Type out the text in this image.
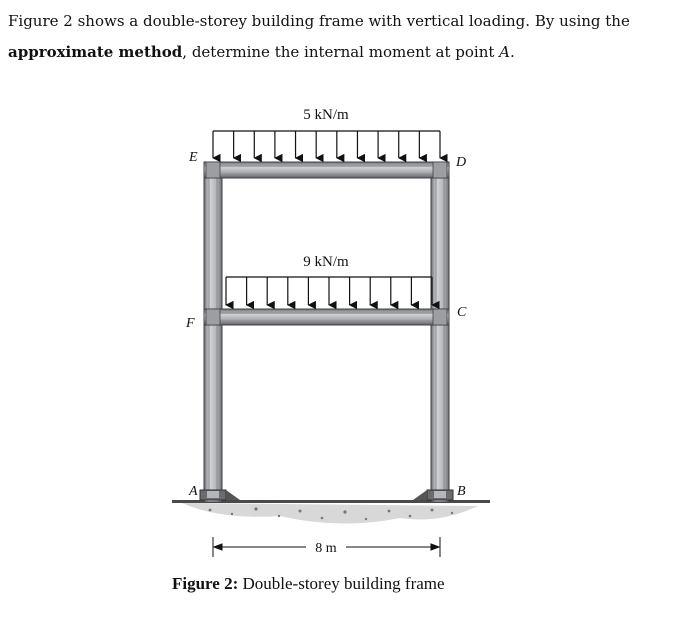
Figure 2 shows a double-storey building frame with vertical loading. By using the
approximate method, determine the internal moment at point A.
5 kN/m
9 kN/m
E	D
F
C
A	B
8 m
Figure 2: Double-storey building frame
